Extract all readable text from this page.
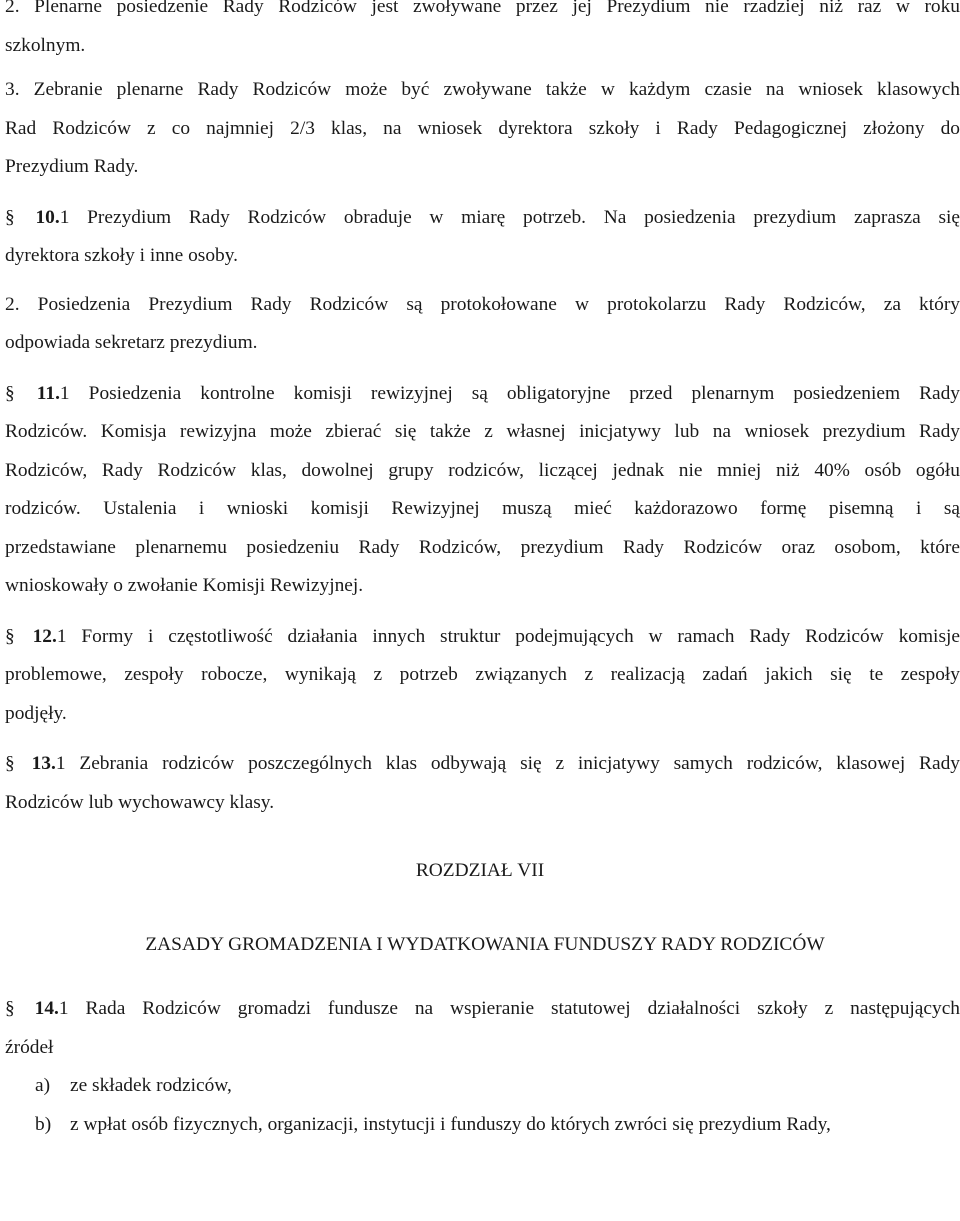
2. Plenarne posiedzenie Rady Rodziców jest zwoływane przez jej Prezydium nie rzadziej niż raz w roku
szkolnym.
3. Zebranie plenarne Rady Rodziców może być zwoływane także w każdym czasie na wniosek klasowych
Rad Rodziców z co najmniej 2/3 klas, na wniosek dyrektora szkoły i Rady Pedagogicznej złożony do
Prezydium Rady.
§ 10.1 Prezydium Rady Rodziców obraduje w miarę potrzeb. Na posiedzenia prezydium zaprasza się
dyrektora szkoły i inne osoby.
2. Posiedzenia Prezydium Rady Rodziców są protokołowane w protokolarzu Rady Rodziców, za który
odpowiada sekretarz prezydium.
§ 11.1 Posiedzenia kontrolne komisji rewizyjnej są obligatoryjne przed plenarnym posiedzeniem Rady
Rodziców. Komisja rewizyjna może zbierać się także z własnej inicjatywy lub na wniosek prezydium Rady
Rodziców, Rady Rodziców klas, dowolnej grupy rodziców, liczącej jednak nie mniej niż 40% osób ogółu
rodziców. Ustalenia i wnioski komisji Rewizyjnej muszą mieć każdorazowo formę pisemną i są
przedstawiane plenarnemu posiedzeniu Rady Rodziców, prezydium Rady Rodziców oraz osobom, które
wnioskowały o zwołanie Komisji Rewizyjnej.
§ 12.1 Formy i częstotliwość działania innych struktur podejmujących w ramach Rady Rodziców komisje
problemowe, zespoły robocze, wynikają z potrzeb związanych z realizacją zadań jakich się te zespoły
podjęły.
§ 13.1 Zebrania rodziców poszczególnych klas odbywają się z inicjatywy samych rodziców, klasowej Rady
Rodziców lub wychowawcy klasy.
ROZDZIAŁ VII
ZASADY GROMADZENIA I WYDATKOWANIA FUNDUSZY RADY RODZICÓW
§ 14.1 Rada Rodziców gromadzi fundusze na wspieranie statutowej działalności szkoły z następujących
źródeł
a) ze składek rodziców,
b) z wpłat osób fizycznych, organizacji, instytucji i funduszy do których zwróci się prezydium Rady,
